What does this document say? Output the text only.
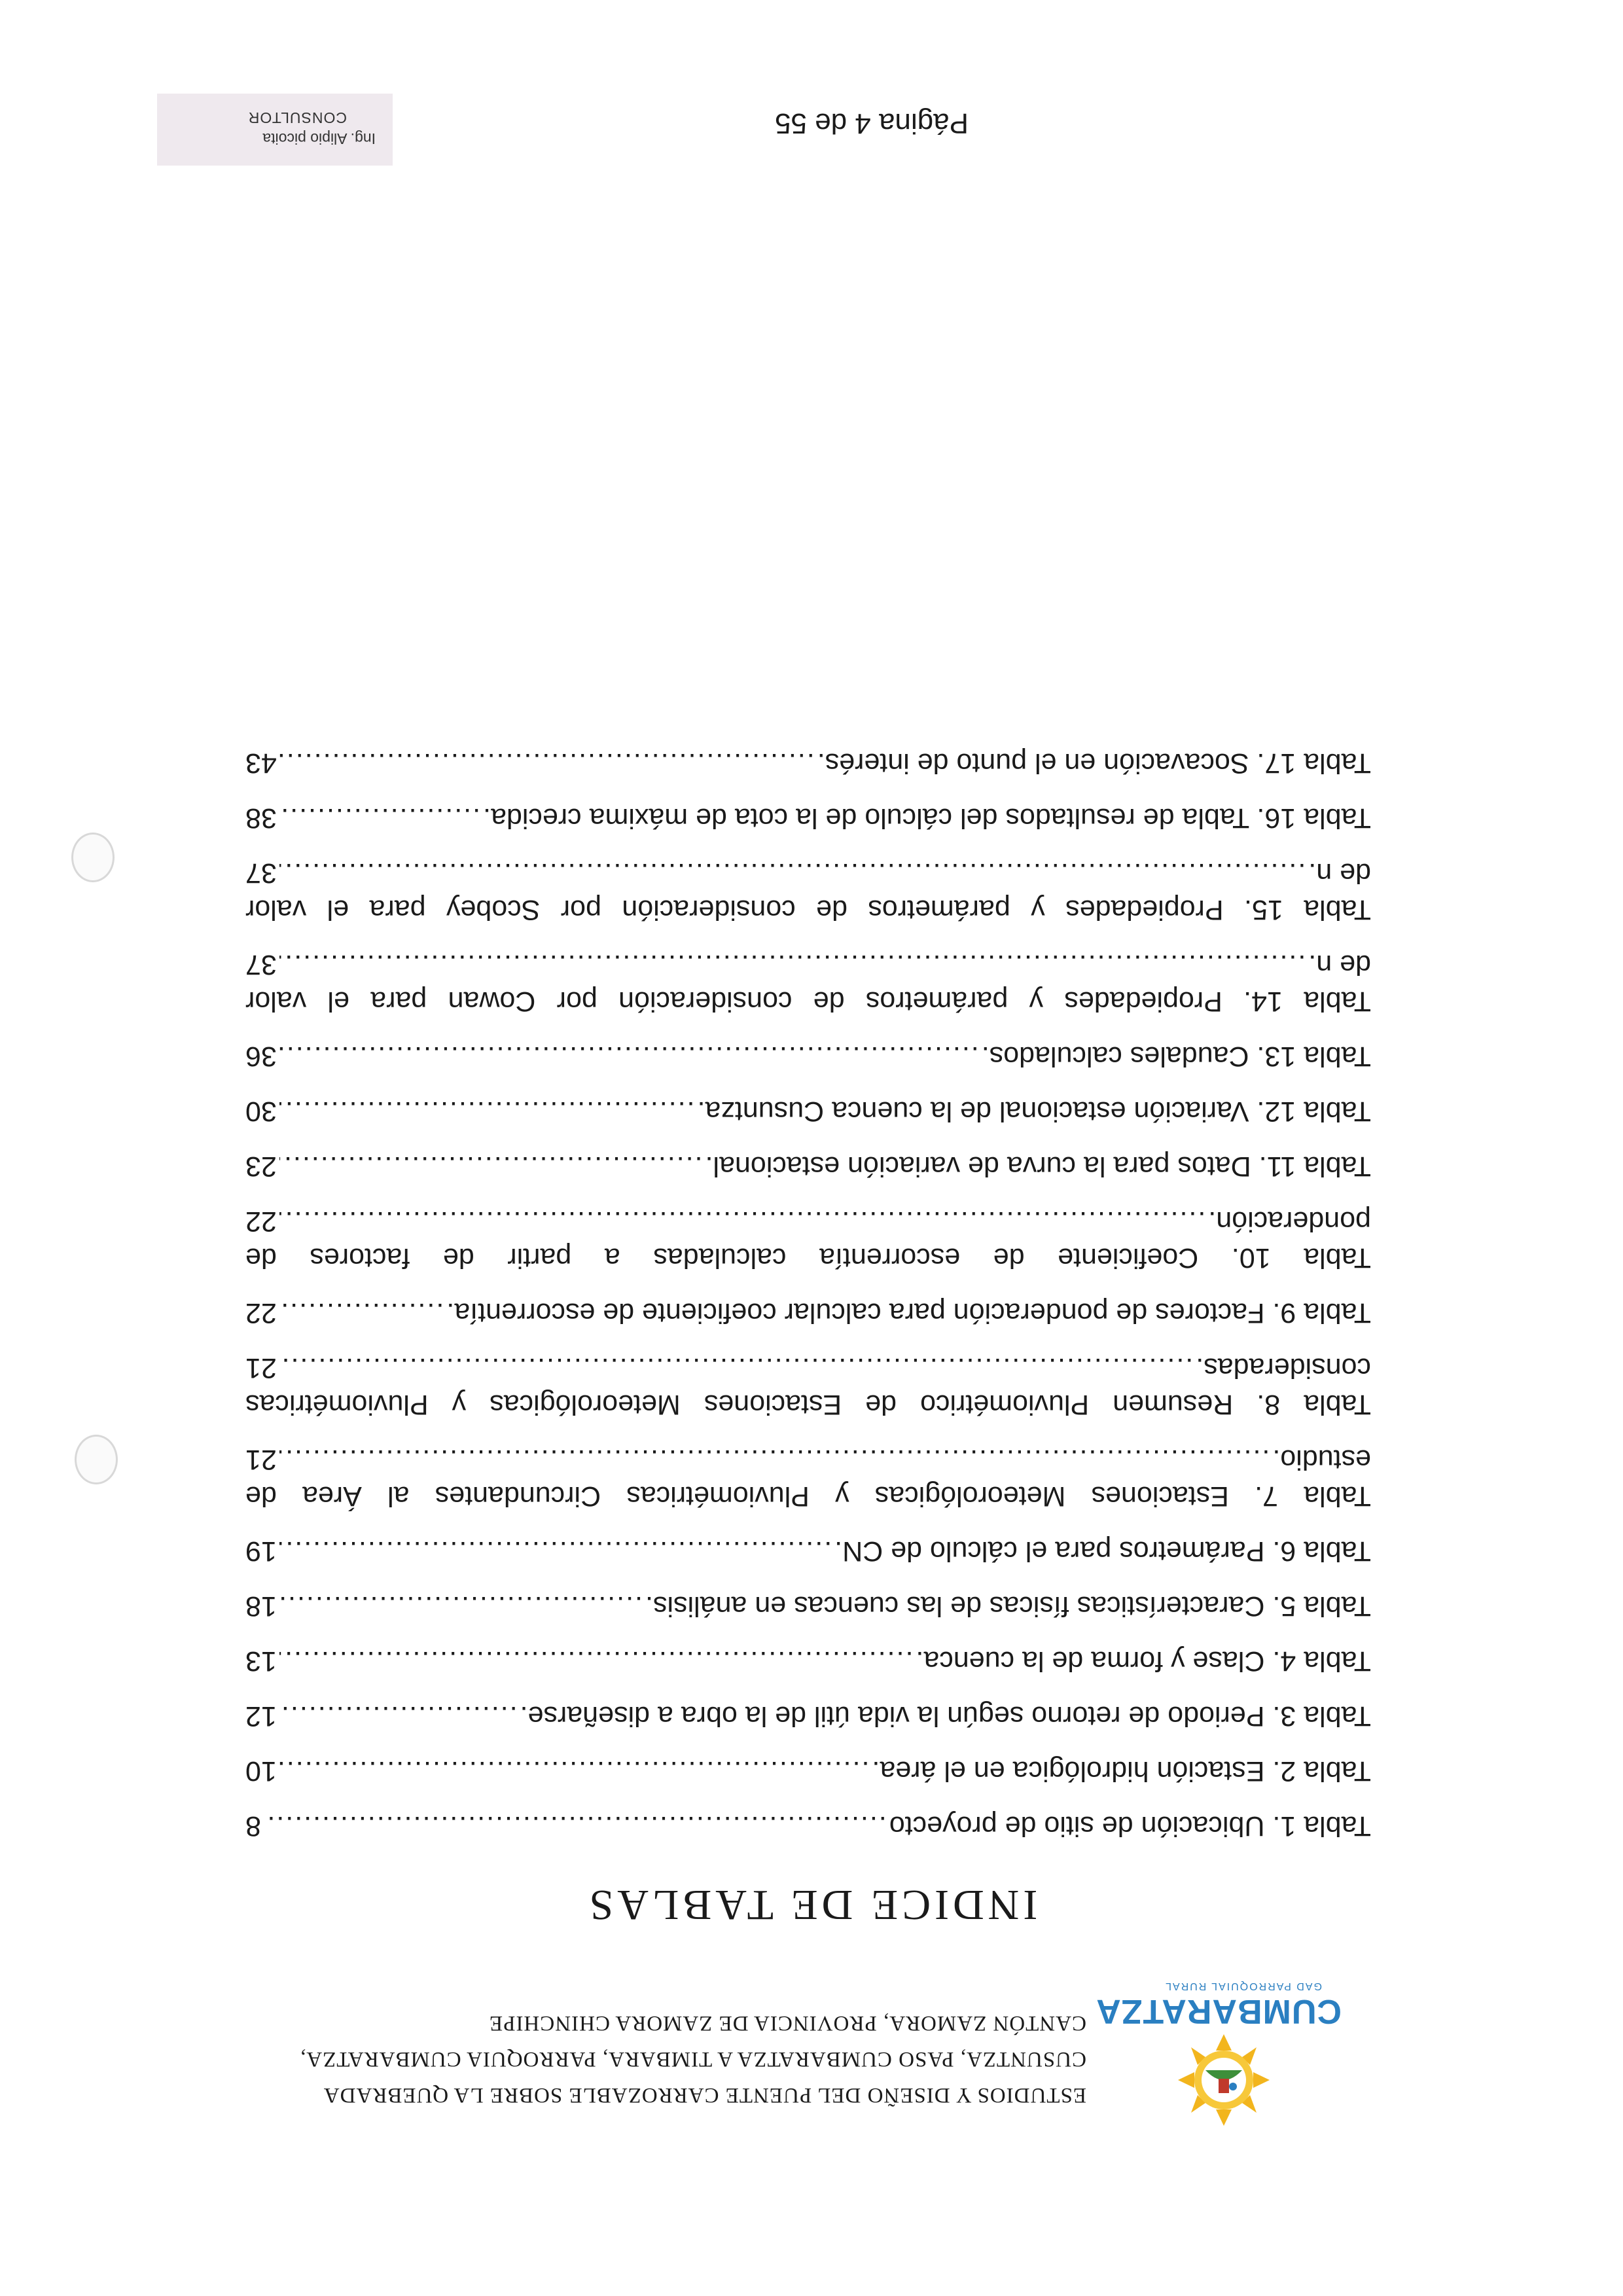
CUMBARATZA
GAD PARROQUIAL RURAL
ESTUDIOS Y DISEÑO DEL PUENTE CARROZABLE SOBRE LA QUEBRADA
CUSUNTZA, PASO CUMBARATZA A TIMBARA, PARROQUIA CUMBARATZA,
CANTÓN ZAMORA, PROVINCIA DE ZAMORA CHINCHIPE
INDICE DE TABLAS
Tabla 1. Ubicación de sitio de proyecto
.....
8
Tabla 2. Estación hidrológica en el área.
.....
10
Tabla 3. Periodo de retorno según la vida útil de la obra a diseñarse.
.....
12
Tabla 4. Clase y forma de la cuenca.
.....
13
Tabla 5. Características físicas de las cuencas en análisis.
.....
18
Tabla 6. Parámetros para el cálculo de CN.
.....
19
Tabla 7. Estaciones Meteorológicas y Pluviométricas Circundantes al Área de
estudio.
.....
21
Tabla 8. Resumen Pluviométrico de Estaciones Meteorológicas y Pluviométricas
consideradas.
.....
21
Tabla 9. Factores de ponderación para calcular coeficiente de escorrentía.
.....
22
Tabla 10. Coeficiente de escorrentía calculadas a partir de factores de
ponderación.
.....
22
Tabla 11. Datos para la curva de variación estacional.
.....
23
Tabla 12. Variación estacional de la cuenca Cusuntza.
.....
30
Tabla 13. Caudales calculados.
.....
36
Tabla 14. Propiedades y parámetros de consideración por Cowan para el valor
de n.
.....
37
Tabla 15. Propiedades y parámetros de consideración por Scobey para el valor
de n.
.....
37
Tabla 16. Tabla de resultados del cálculo de la cota de máxima crecida.
.....
38
Tabla 17. Socavación en el punto de interés.
.....
43
Página 4 de 55
Ing. Alipio picoita
CONSULTOR
